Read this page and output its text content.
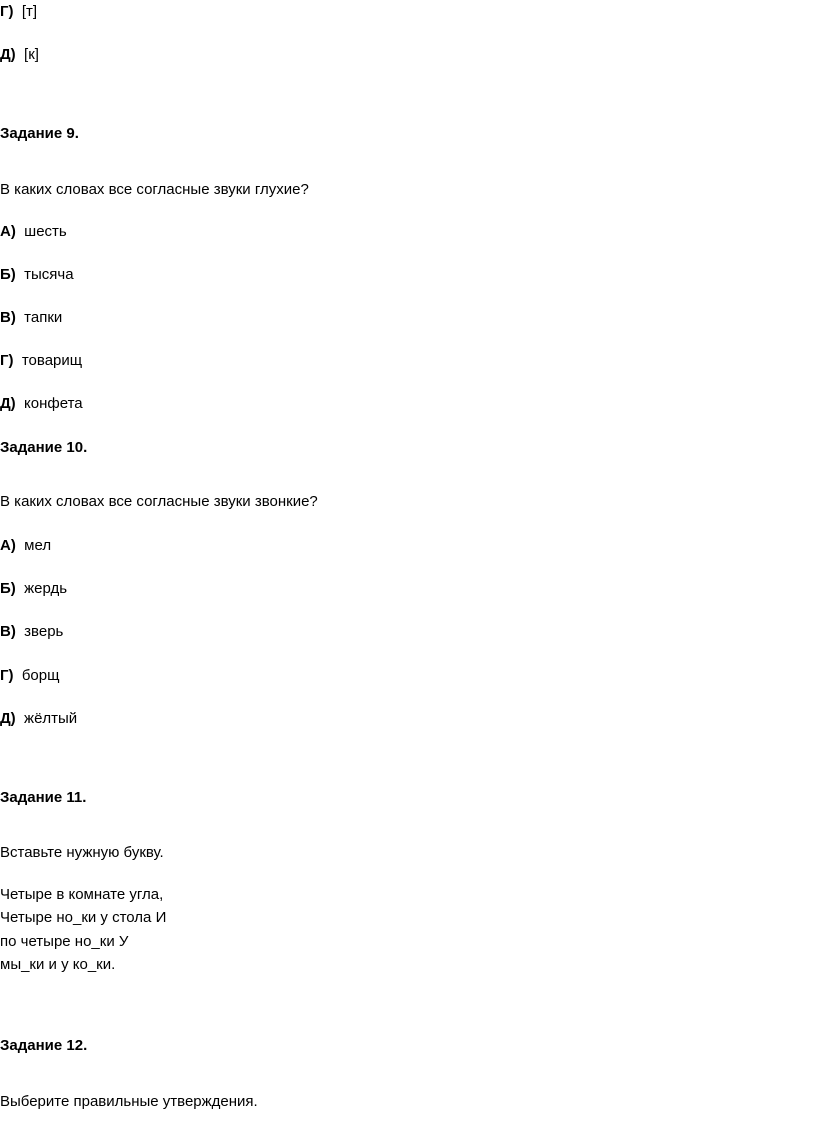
Г) [т]
Д) [к]
Задание 9.
В каких словах все согласные звуки глухие?
А) шесть
Б) тысяча
В) тапки
Г) товарищ
Д) конфета
Задание 10.
В каких словах все согласные звуки звонкие?
А) мел
Б) жердь
В) зверь
Г) борщ
Д) жёлтый
Задание 11.
Вставьте нужную букву.
Четыре в комнате угла,
Четыре но_ки у стола И
по четыре но_ки У
мы_ки и у ко_ки.
Задание 12.
Выберите правильные утверждения.
